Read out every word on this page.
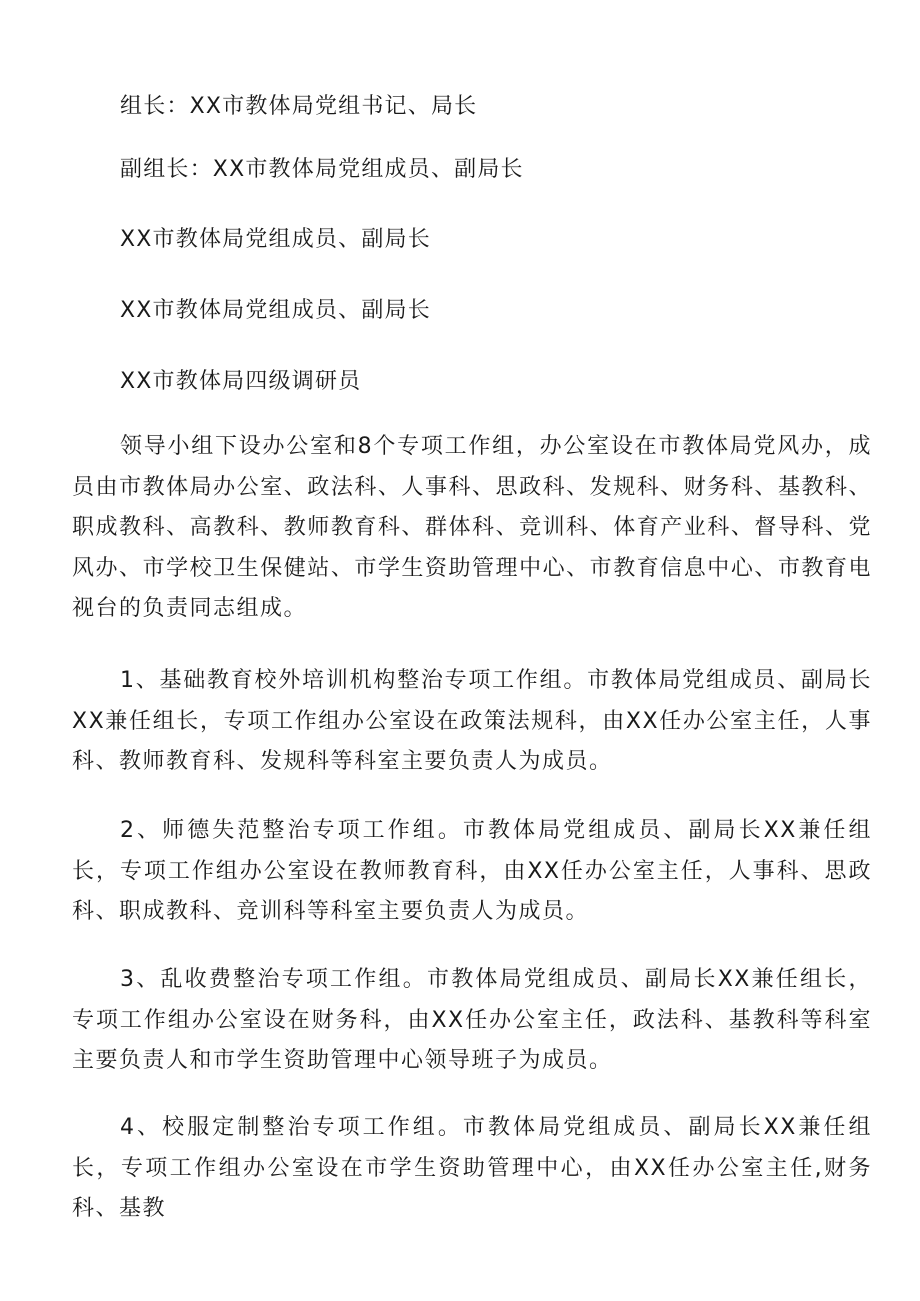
组长：XX市教体局党组书记、局长
副组长：XX市教体局党组成员、副局长
XX市教体局党组成员、副局长
XX市教体局党组成员、副局长
XX市教体局四级调研员
领导小组下设办公室和8个专项工作组，办公室设在市教体局党风办，成员由市教体局办公室、政法科、人事科、思政科、发规科、财务科、基教科、职成教科、高教科、教师教育科、群体科、竞训科、体育产业科、督导科、党风办、市学校卫生保健站、市学生资助管理中心、市教育信息中心、市教育电视台的负责同志组成。
1、基础教育校外培训机构整治专项工作组。市教体局党组成员、副局长XX兼任组长，专项工作组办公室设在政策法规科，由XX任办公室主任，人事科、教师教育科、发规科等科室主要负责人为成员。
2、师德失范整治专项工作组。市教体局党组成员、副局长XX兼任组长，专项工作组办公室设在教师教育科，由XX任办公室主任，人事科、思政科、职成教科、竞训科等科室主要负责人为成员。
3、乱收费整治专项工作组。市教体局党组成员、副局长XX兼任组长，专项工作组办公室设在财务科，由XX任办公室主任，政法科、基教科等科室主要负责人和市学生资助管理中心领导班子为成员。
4、校服定制整治专项工作组。市教体局党组成员、副局长XX兼任组长，专项工作组办公室设在市学生资助管理中心，由XX任办公室主任,财务科、基教
